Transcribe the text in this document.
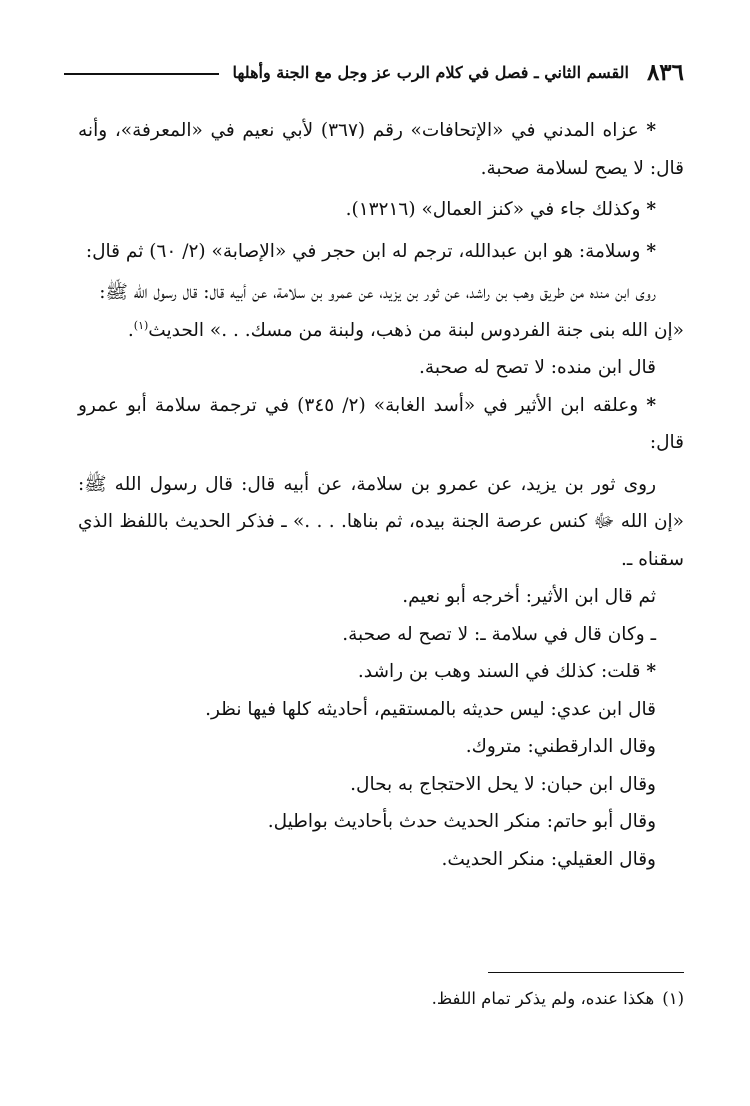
٨٣٦
القسم الثاني ـ فصل في كلام الرب عز وجل مع الجنة وأهلها

* عزاه المدني في «الإتحافات» رقم (٣٦٧) لأبي نعيم في «المعرفة»، وأنه قال: لا يصح لسلامة صحبة.

* وكذلك جاء في «كنز العمال» (١٣٢١٦).

* وسلامة: هو ابن عبدالله، ترجم له ابن حجر في «الإصابة» (٢/ ٦٠) ثم قال:

روى ابن منده من طريق وهب بن راشد، عن ثور بن يزيد، عن عمرو بن سلامة، عن أبيه قال: قال رسول الله ﷺ:

«إن الله بنى جنة الفردوس لبنة من ذهب، ولبنة من مسك. . .» الحديث$^{(١)}$.

قال ابن منده: لا تصح له صحبة.

* وعلقه ابن الأثير في «أسد الغابة» (٢/ ٣٤٥) في ترجمة سلامة أبو عمرو قال:

روى ثور بن يزيد، عن عمرو بن سلامة، عن أبيه قال: قال رسول الله ﷺ: «إن الله ﷻ كنس عرصة الجنة بيده، ثم بناها. . . .» ـ فذكر الحديث باللفظ الذي سقناه ـ.

ثم قال ابن الأثير: أخرجه أبو نعيم.

ـ وكان قال في سلامة ـ: لا تصح له صحبة.

* قلت: كذلك في السند وهب بن راشد.

قال ابن عدي: ليس حديثه بالمستقيم، أحاديثه كلها فيها نظر.

وقال الدارقطني: متروك.

وقال ابن حبان: لا يحل الاحتجاج به بحال.

وقال أبو حاتم: منكر الحديث حدث بأحاديث بواطيل.

وقال العقيلي: منكر الحديث.

(١)هكذا عنده، ولم يذكر تمام اللفظ.
